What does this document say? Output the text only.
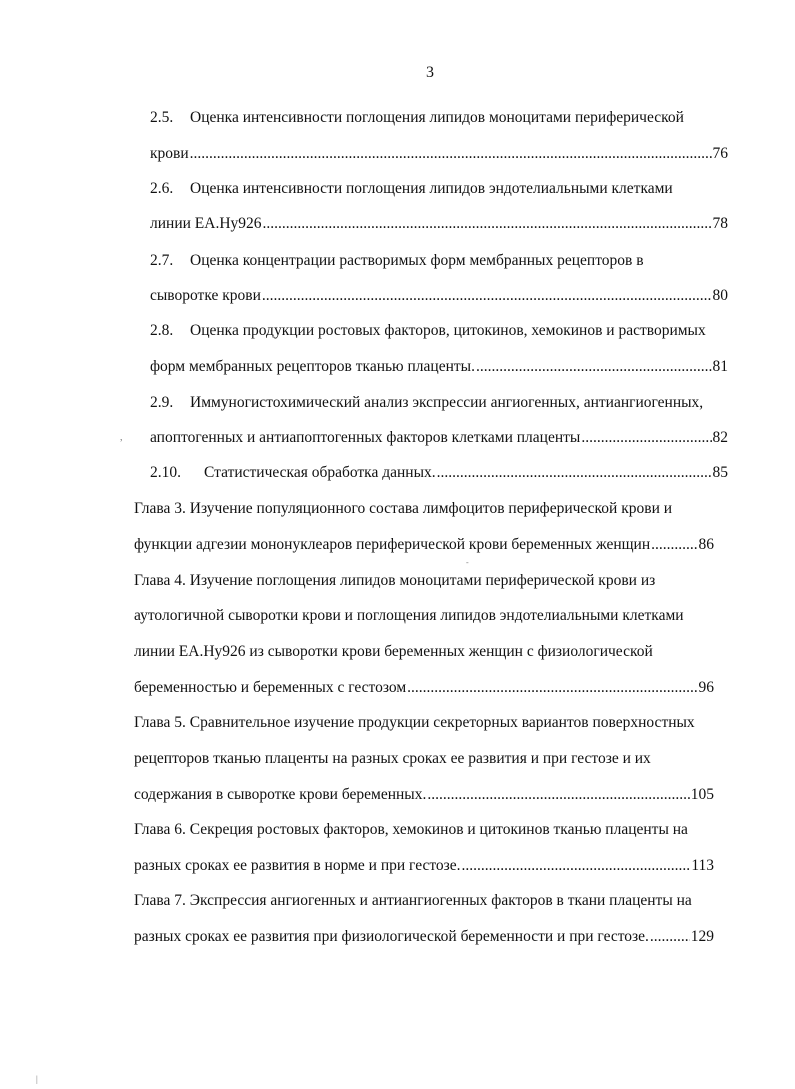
3
2.5. Оценка интенсивности поглощения липидов моноцитами периферической
крови .....	76
2.6. Оценка интенсивности поглощения липидов эндотелиальными клетками
линии EA.Hy926 .....	78
2.7. Оценка концентрации растворимых форм мембранных рецепторов в
сыворотке крови .....	80
2.8. Оценка продукции ростовых факторов, цитокинов, хемокинов и растворимых
форм мембранных рецепторов тканью плаценты. .....	81
2.9. Иммуногистохимический анализ экспрессии ангиогенных, антиангиогенных,
апоптогенных и антиапоптогенных факторов клетками плаценты .....	82
2.10. Статистическая обработка данных. .....	85
Глава 3. Изучение популяционного состава лимфоцитов периферической крови и
функции адгезии мононуклеаров периферической крови беременных женщин .....	86
Глава 4. Изучение поглощения липидов моноцитами периферической крови из
аутологичной сыворотки крови и поглощения липидов эндотелиальными клетками
линии EA.Hy926 из сыворотки крови беременных женщин с физиологической
беременностью и беременных с гестозом .....	96
Глава 5. Сравнительное изучение продукции секреторных вариантов поверхностных
рецепторов тканью плаценты на разных сроках ее развития и при гестозе и их
содержания в сыворотке крови беременных. .....	105
Глава 6. Секреция ростовых факторов, хемокинов и цитокинов тканью плаценты на
разных сроках ее развития в норме и при гестозе. .....	113
Глава 7. Экспрессия ангиогенных и антиангиогенных факторов в ткани плаценты на
разных сроках ее развития при физиологической беременности и при гестозе. .....	129
,
-
|
